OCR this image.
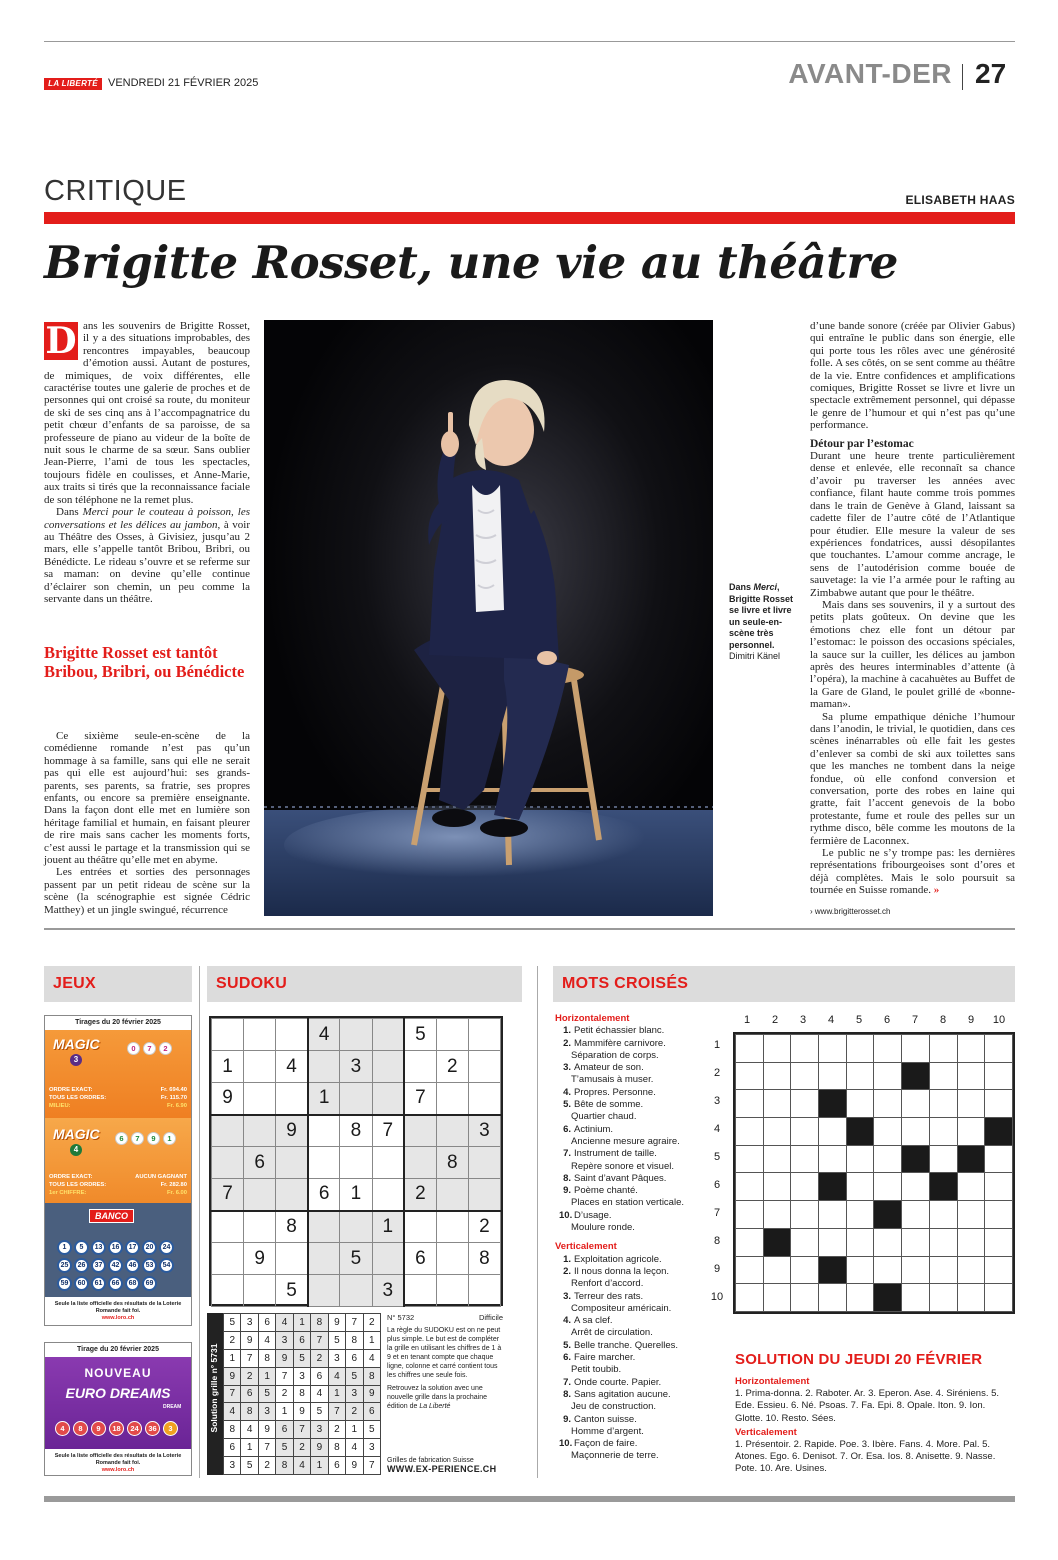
LA LIBERTÉ VENDREDI 21 FÉVRIER 2025	AVANT-DER 27
CRITIQUE	ELISABETH HAAS
Brigitte Rosset, une vie au théâtre

D ans les souvenirs de Brigitte Rosset, il y a des situations improbables, des rencontres impayables, beaucoup d’émotion aussi. Autant de postures, de mimiques, de voix différentes, elle caractérise toutes une galerie de proches et de personnes qui ont croisé sa route, du moniteur de ski de ses cinq ans à l’accompagnatrice du petit chœur d’enfants de sa paroisse, de sa professeure de piano au videur de la boîte de nuit sous le charme de sa sœur. Sans oublier Jean-Pierre, l’ami de tous les spectacles, toujours fidèle en coulisses, et Anne-Marie, aux traits si tirés que la reconnaissance faciale de son téléphone ne la remet plus.

Dans Merci pour le couteau à poisson, les conversations et les délices au jambon, à voir au Théâtre des Osses, à Givisiez, jusqu’au 2 mars, elle s’appelle tantôt Bribou, Bribri, ou Bénédicte. Le rideau s’ouvre et se referme sur sa maman: on devine qu’elle continue d’éclairer son chemin, un peu comme la servante dans un théâtre.

Brigitte Rosset est tantôt Bribou, Bribri, ou Bénédicte

Ce sixième seule-en-scène de la comédienne romande n’est pas qu’un hommage à sa famille, sans qui elle ne serait pas qui elle est aujourd’hui: ses grands-parents, ses parents, sa fratrie, ses propres enfants, ou encore sa première enseignante. Dans la façon dont elle met en lumière son héritage familial et humain, en faisant pleurer de rire mais sans cacher les moments forts, c’est aussi le partage et la transmission qui se jouent au théâtre qu’elle met en abyme.

Les entrées et sorties des personnages passent par un petit rideau de scène sur la scène (la scénographie est signée Cédric Matthey) et un jingle swingué, récurrence

Dans Merci, Brigitte Rosset se livre et livre un seule-en-scène très personnel.
Dimitri Känel

d’une bande sonore (créée par Olivier Gabus) qui entraîne le public dans son énergie, elle qui porte tous les rôles avec une générosité folle. A ses côtés, on se sent comme au théâtre de la vie. Entre confidences et amplifications comiques, Brigitte Rosset se livre et livre un spectacle extrêmement personnel, qui dépasse le genre de l’humour et qui n’est pas qu’une performance.

Détour par l’estomac

Durant une heure trente particulièrement dense et enlevée, elle reconnaît sa chance d’avoir pu traverser les années avec confiance, filant haute comme trois pommes dans le train de Genève à Gland, laissant sa cadette filer de l’autre côté de l’Atlantique pour étudier. Elle mesure la valeur de ses expériences fondatrices, aussi désopilantes que touchantes. L’amour comme ancrage, le sens de l’autodérision comme bouée de sauvetage: la vie l’a armée pour le rafting au Zimbabwe autant que pour le théâtre.

Mais dans ses souvenirs, il y a surtout des petits plats goûteux. On devine que les émotions chez elle font un détour par l’estomac: le poisson des occasions spéciales, la sauce sur la cuiller, les délices au jambon après des heures interminables d’attente (à l’opéra), la machine à cacahuètes au Buffet de la Gare de Gland, le poulet grillé de «bonne-maman».

Sa plume empathique déniche l’humour dans l’anodin, le trivial, le quotidien, dans ces scènes inénarrables où elle fait les gestes d’enlever sa combi de ski aux toilettes sans que les manches ne tombent dans la neige fondue, où elle confond conversion et conversation, porte des robes en laine qui gratte, fait l’accent genevois de la bobo protestante, fume et roule des pelles sur un rythme disco, bêle comme les moutons de la fermière de Laconnex.

Le public ne s’y trompe pas: les dernières représentations fribourgeoises sont d’ores et déjà complètes. Mais le solo poursuit sa tournée en Suisse romande. »

› www.brigitterosset.ch
JEUX	SUDOKU	MOTS CROISÉS
Tirages du 20 février 2025
MAGIC
3
0	7	2
ORDRE EXACT:	Fr. 694.40
TOUS LES ORDRES:	Fr. 115.70
MILIEU:	Fr. 6.90
MAGIC
4
6	7	9	1
ORDRE EXACT:	AUCUN GAGNANT
TOUS LES ORDRES:	Fr. 282.80
1er CHIFFRE:	Fr. 6.00
BANCO
1	5	13	16	17	20	24
25	26	37	42	46	53	54
59	60	61	66	68	69
Seule la liste officielle des résultats de la Loterie Romande fait foi.
www.loro.ch
Tirage du 20 février 2025
NOUVEAU
EURO DREAMS
DREAM
4	8	9	18	24	36	3
Seule la liste officielle des résultats de la Loterie Romande fait foi.
www.loro.ch
			4			5		
1		4		3			2	
9			1			7		
		9		8	7			3
	6						8	
7			6	1		2		
		8			1			2
	9			5		6		8
		5			3			
Solution grille n° 5731
5	3	6	4	1	8	9	7	2
2	9	4	3	6	7	5	8	1
1	7	8	9	5	2	3	6	4
9	2	1	7	3	6	4	5	8
7	6	5	2	8	4	1	3	9
4	8	3	1	9	5	7	2	6
8	4	9	6	7	3	2	1	5
6	1	7	5	2	9	8	4	3
3	5	2	8	4	1	6	9	7
N° 5732	Difficile

La règle du SUDOKU est on ne peut plus simple. Le but est de compléter la grille en utilisant les chiffres de 1 à 9 et en tenant compte que chaque ligne, colonne et carré contient tous les chiffres une seule fois.

Retrouvez la solution avec une nouvelle grille dans la prochaine édition de La Liberté

Grilles de fabrication Suisse
WWW.EX-PERIENCE.CH
Horizontalement
1. Petit échassier blanc.
2. Mammifère carnivore.
Séparation de corps.
3. Amateur de son.
T’amusais à muser.
4. Propres. Personne.
5. Bête de somme.
Quartier chaud.
6. Actinium.
Ancienne mesure agraire.
7. Instrument de taille.
Repère sonore et visuel.
8. Saint d’avant Pâques.
9. Poème chanté.
Places en station verticale.
10. D’usage.
Moulure ronde.
Verticalement
1. Exploitation agricole.
2. Il nous donna la leçon.
Renfort d’accord.
3. Terreur des rats.
Compositeur américain.
4. A sa clef.
Arrêt de circulation.
5. Belle tranche. Querelles.
6. Faire marcher.
Petit toubib.
7. Onde courte. Papier.
8. Sans agitation aucune.
Jeu de construction.
9. Canton suisse.
Homme d’argent.
10. Façon de faire.
Maçonnerie de terre.
1	2	3	4	5	6	7	8	9	10
1
2
3
4
5
6
7
8
9
10

SOLUTION DU JEUDI 20 FÉVRIER
Horizontalement
1. Prima-donna. 2. Raboter. Ar. 3. Eperon. Ase. 4. Siréniens. 5. Ede. Essieu. 6. Né. Psoas. 7. Fa. Epi. 8. Opale. Iton. 9. Ion. Glotte. 10. Resto. Sées.
Verticalement
1. Présentoir. 2. Rapide. Poe. 3. Ibère. Fans. 4. More. Pal. 5. Atones. Ego. 6. Denisot. 7. Or. Esa. Ios. 8. Anisette. 9. Nasse. Pote. 10. Are. Usines.
